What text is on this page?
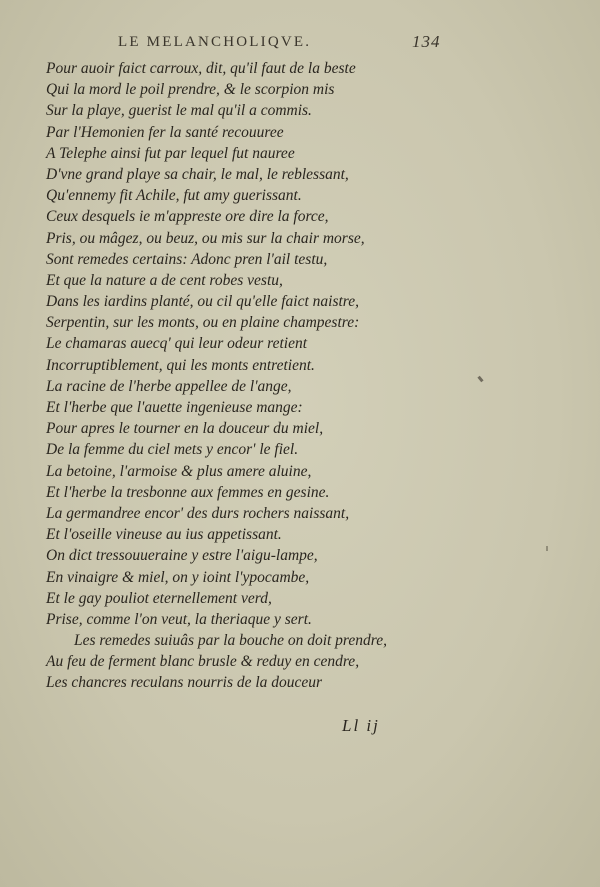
LE MELANCHOLIQVE.	134
Pour auoir faict carroux, dit, qu'il faut de la beste
Qui la mord le poil prendre, & le scorpion mis
Sur la playe, guerist le mal qu'il a commis.
Par l'Hemonien fer la santé recouuree
A Telephe ainsi fut par lequel fut nauree
D'vne grand playe sa chair, le mal, le reblessant,
Qu'ennemy fit Achile, fut amy guerissant.
Ceux desquels ie m'appreste ore dire la force,
Pris, ou mâgez, ou beuz, ou mis sur la chair morse,
Sont remedes certains: Adonc pren l'ail testu,
Et que la nature a de cent robes vestu,
Dans les iardins planté, ou cil qu'elle faict naistre,
Serpentin, sur les monts, ou en plaine champestre:
Le chamaras auecq' qui leur odeur retient
Incorruptiblement, qui les monts entretient.
La racine de l'herbe appellee de l'ange,
Et l'herbe que l'auette ingenieuse mange:
Pour apres le tourner en la douceur du miel,
De la femme du ciel mets y encor' le fiel.
La betoine, l'armoise & plus amere aluine,
Et l'herbe la tresbonne aux femmes en gesine.
La germandree encor' des durs rochers naissant,
Et l'oseille vineuse au ius appetissant.
On dict tressouueraine y estre l'aigu-lampe,
En vinaigre & miel, on y ioint l'ypocambe,
Et le gay pouliot eternellement verd,
Prise, comme l'on veut, la theriaque y sert.
Les remedes suiuâs par la bouche on doit prendre,
Au feu de ferment blanc brusle & reduy en cendre,
Les chancres reculans nourris de la douceur
Ll ij
